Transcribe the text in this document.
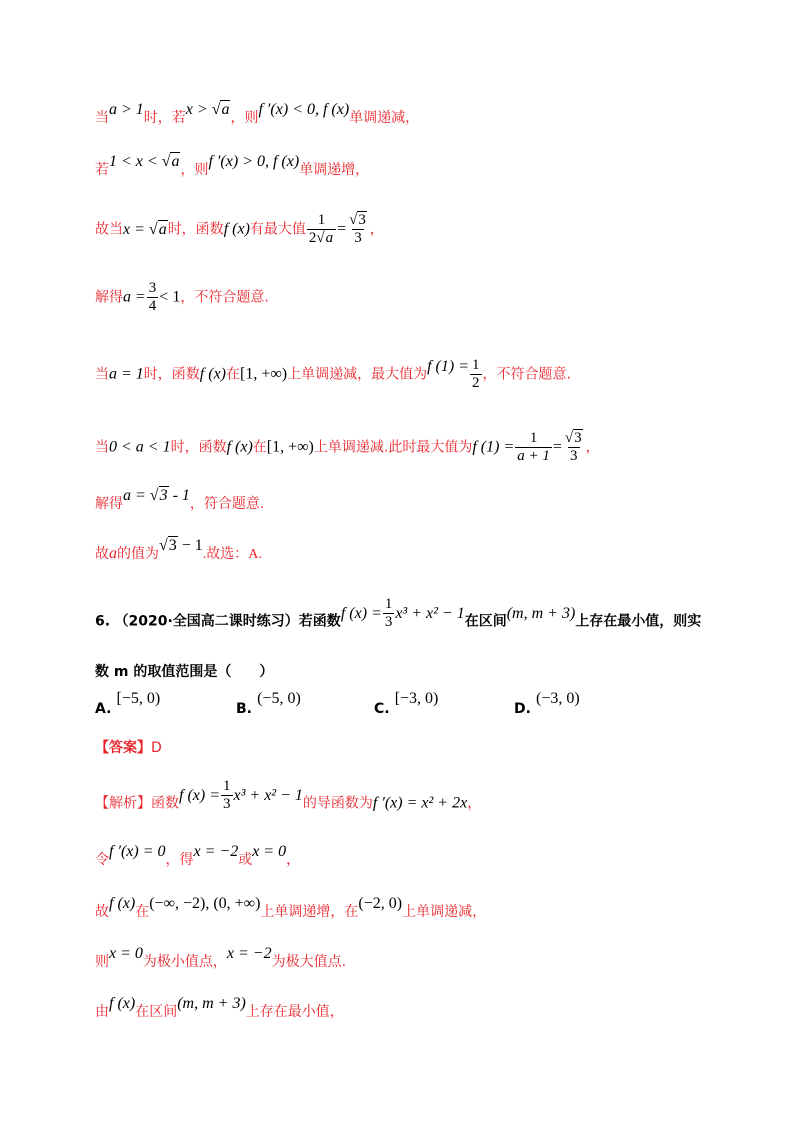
当a > 1时，若x > √a，则f ′(x) < 0, f (x)单调递减，
若1 < x < √a，则f ′(x) > 0, f (x)单调递增，
故当x = √a时，函数f (x)有最大值 $\frac{1}{2√a} = \frac{√3}{3}$ ，
解得$a = \frac{3}{4} < 1$，不符合题意.
当a = 1时，函数f (x)在[1, +∞)上单调递减，最大值为f $(1) = \frac{1}{2}$ ，不符合题意.
当0 < a < 1时，函数f (x)在[1, +∞)上单调递减.此时最大值为f $(1) = \frac{1}{a + 1} = \frac{√3}{3}$ ，
解得a = √3 - 1，符合题意.
故a的值为√3 − 1.故选：A.
6. （2020·全国高二课时练习）若函数f $(x) = \frac{1}{3} x^3 + x^2 - 1$在区间(m, m + 3)上存在最小值，则实
数 m 的取值范围是（　　）
A. [−5, 0)
B. (−5, 0)
C. [−3, 0)
D. (−3, 0)
【答案】D
【解析】函数f $(x) = \frac{1}{3} x^3 + x^2 - 1$的导函数为f ′(x) = x² + 2x，
令f ′(x) = 0，得x = −2或x = 0，
故f (x)在(−∞, −2), (0, +∞)上单调递增，在(−2, 0)上单调递减，
则x = 0为极小值点，x = −2为极大值点.
由f (x)在区间(m, m + 3)上存在最小值，
